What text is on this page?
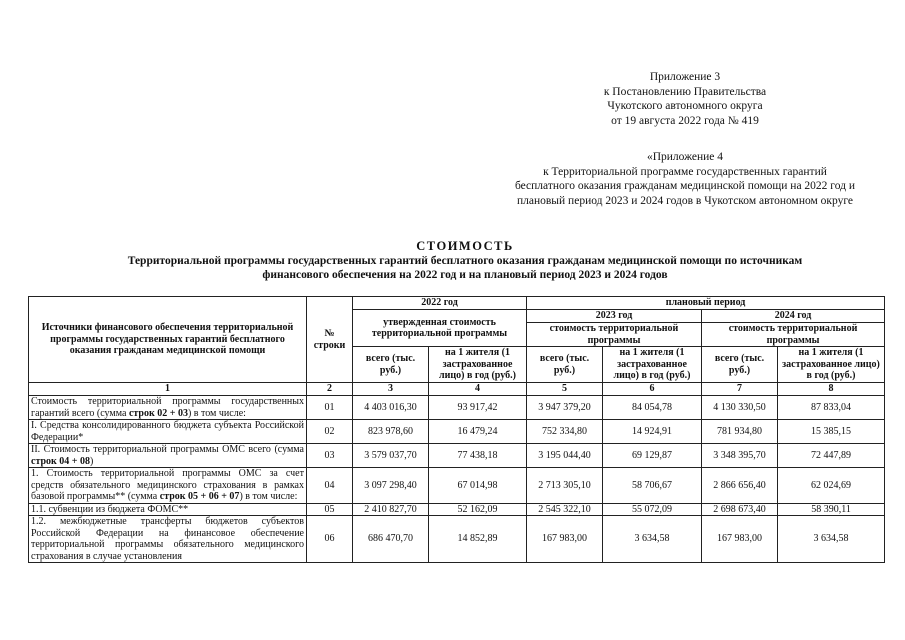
Приложение 3
к Постановлению Правительства
Чукотского автономного округа
от 19 августа 2022 года № 419
«Приложение 4
к Территориальной программе государственных гарантий
бесплатного оказания гражданам медицинской помощи на 2022 год и
плановый период 2023 и 2024 годов в Чукотском автономном округе
СТОИМОСТЬ
Территориальной программы государственных гарантий бесплатного оказания гражданам медицинской помощи по источникам
финансового обеспечения на 2022 год и на плановый период 2023 и 2024 годов
Источники финансового обеспечения территориальной программы государственных гарантий бесплатного оказания гражданам медицинской помощи	№ строки	2022 год		плановый период			
		утвержденная стоимость территориальной программы		2023 год		2024 год	
				стоимость территориальной программы		стоимость территориальной программы	
		всего (тыс. руб.)	на 1 жителя (1 застрахованное лицо) в год (руб.)	всего (тыс. руб.)	на 1 жителя (1 застрахованное лицо) в год (руб.)	всего (тыс. руб.)	на 1 жителя (1 застрахованное лицо) в год (руб.)
1	2	3	4	5	6	7	8
Стоимость территориальной программы государственных гарантий всего (сумма строк 02 + 03) в том числе:	01	4 403 016,30	93 917,42	3 947 379,20	84 054,78	4 130 330,50	87 833,04
I. Средства консолидированного бюджета субъекта Российской Федерации*	02	823 978,60	16 479,24	752 334,80	14 924,91	781 934,80	15 385,15
II. Стоимость территориальной программы ОМС всего (сумма строк 04 + 08)	03	3 579 037,70	77 438,18	3 195 044,40	69 129,87	3 348 395,70	72 447,89
1. Стоимость территориальной программы ОМС за счет средств обязательного медицинского страхования в рамках базовой программы** (сумма строк 05 + 06 + 07) в том числе:	04	3 097 298,40	67 014,98	2 713 305,10	58 706,67	2 866 656,40	62 024,69
1.1. субвенции из бюджета ФОМС**	05	2 410 827,70	52 162,09	2 545 322,10	55 072,09	2 698 673,40	58 390,11
1.2. межбюджетные трансферты бюджетов субъектов Российской Федерации на финансовое обеспечение территориальной программы обязательного медицинского страхования в случае установления	06	686 470,70	14 852,89	167 983,00	3 634,58	167 983,00	3 634,58
